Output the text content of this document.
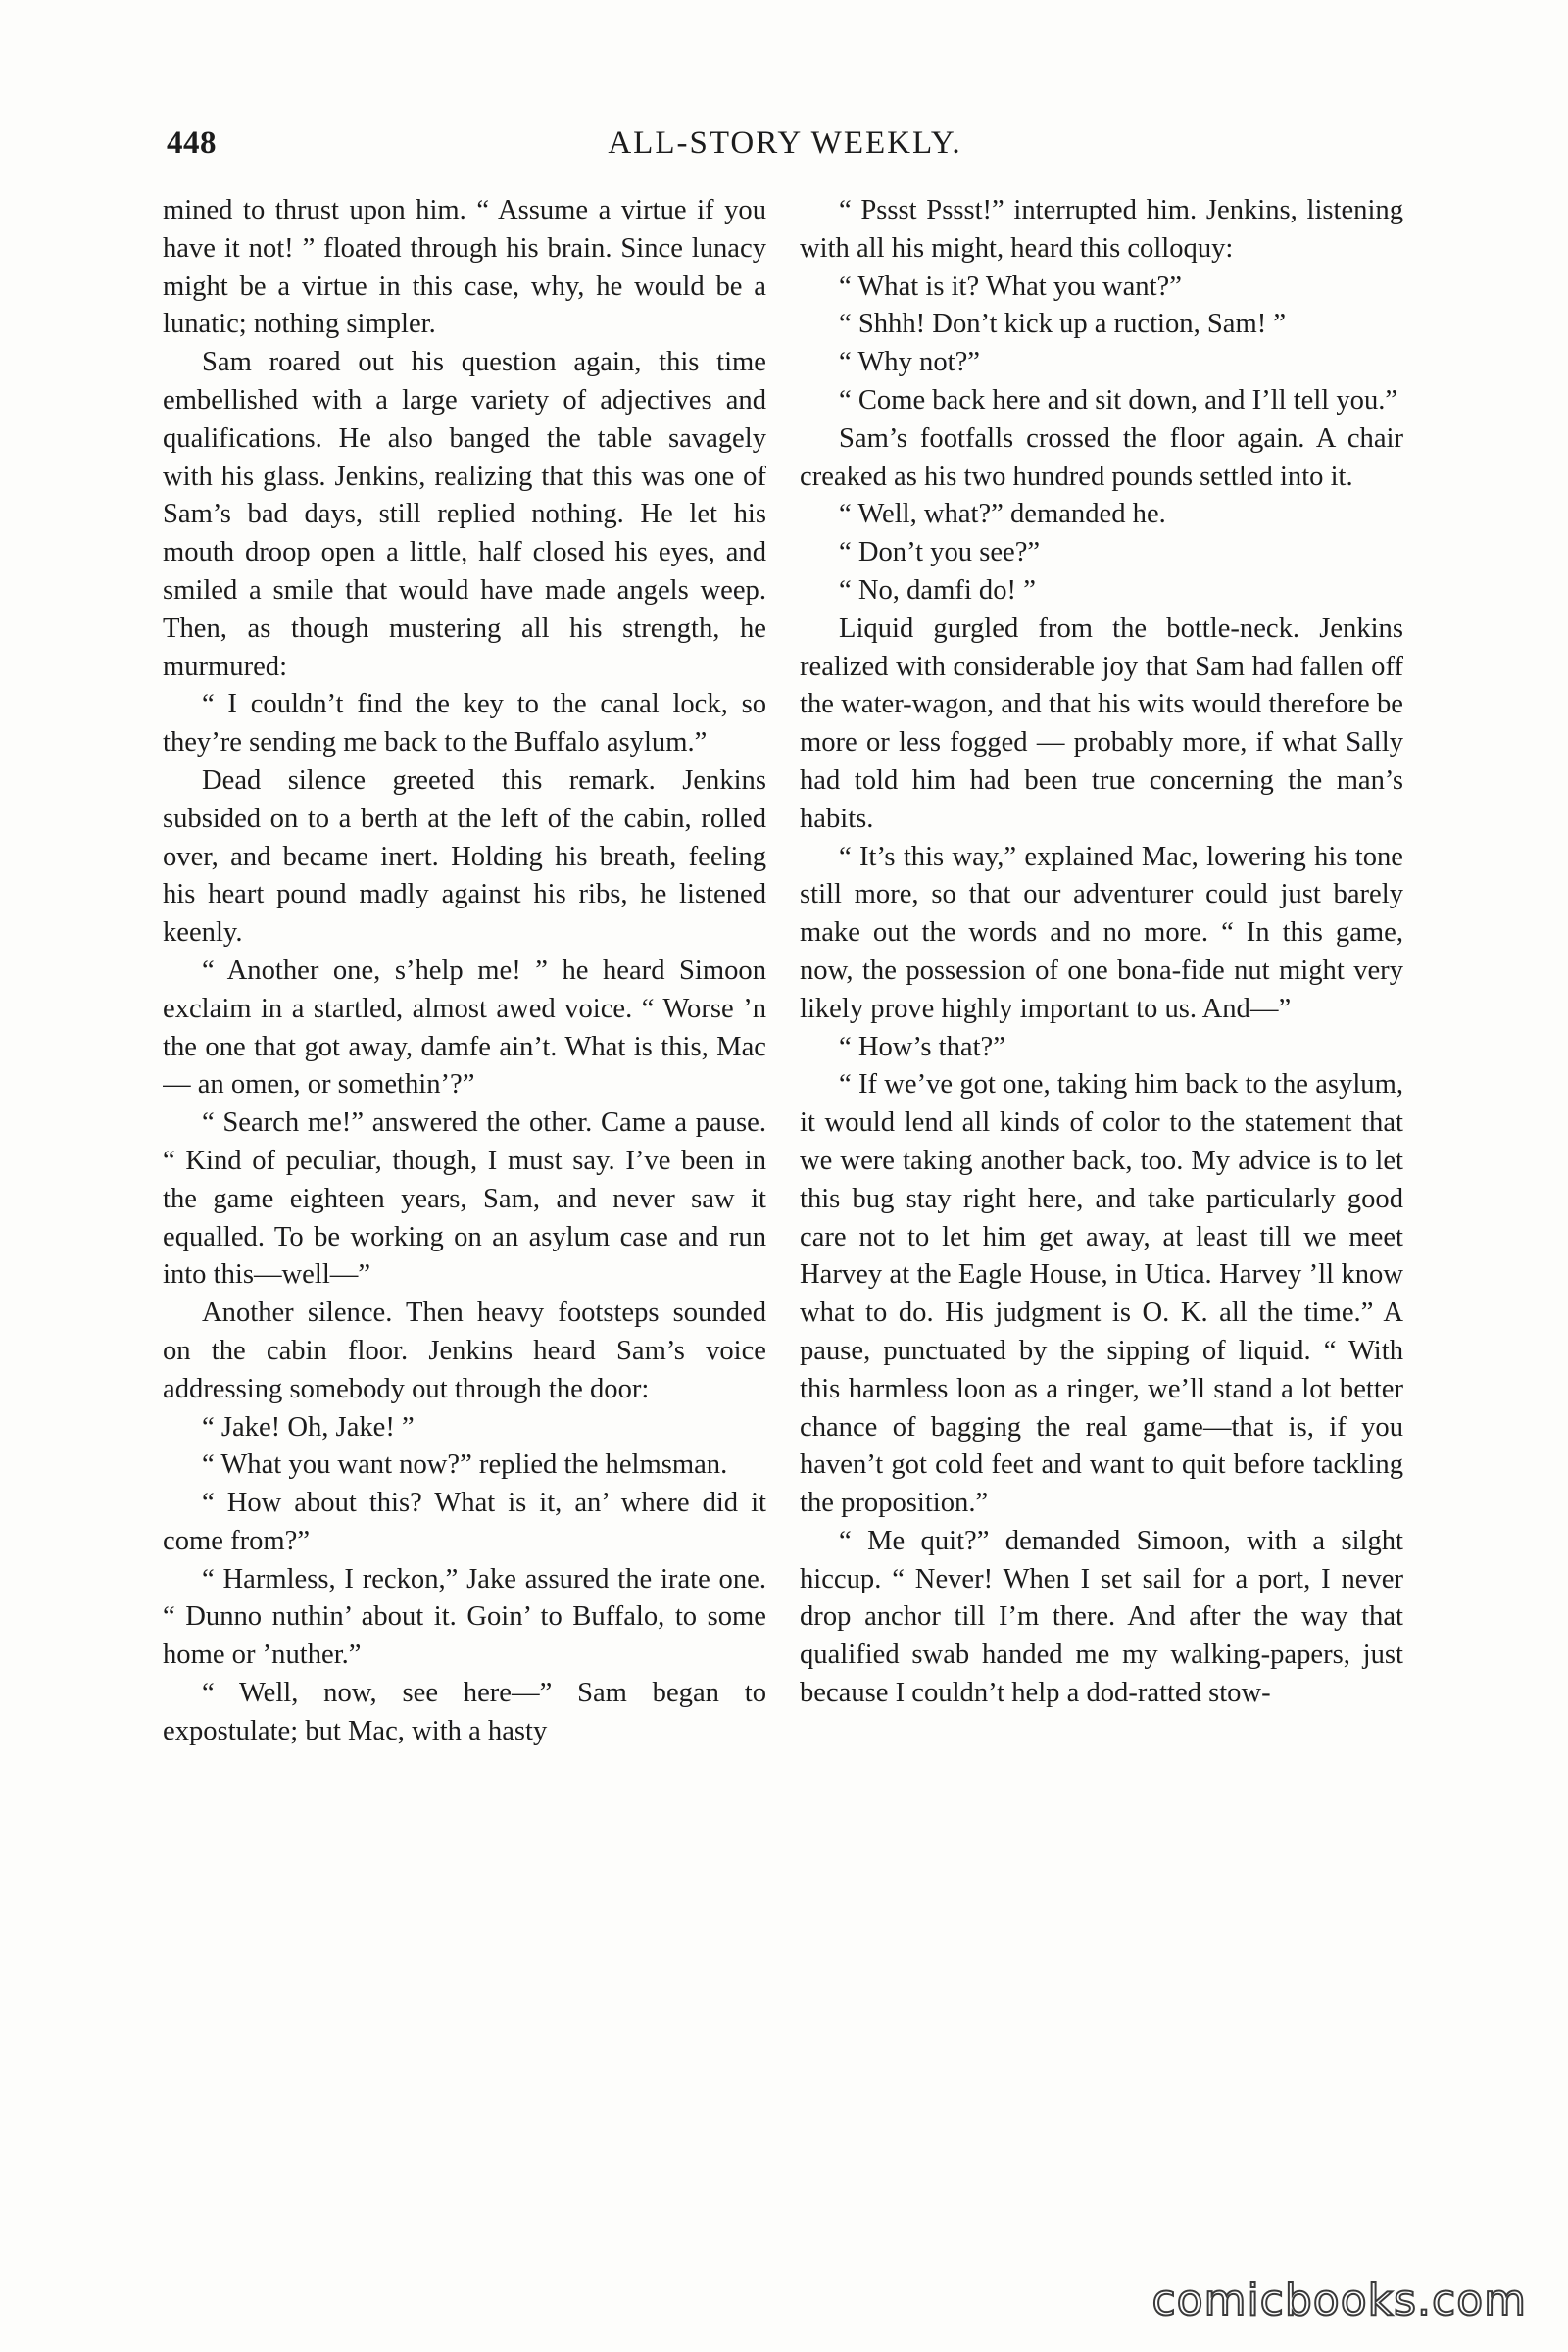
448	ALL-STORY WEEKLY.

mined to thrust upon him. “ Assume a virtue if you have it not! ” floated through his brain. Since lunacy might be a virtue in this case, why, he would be a lunatic; nothing simpler.

Sam roared out his question again, this time embellished with a large variety of adjectives and qualifications. He also banged the table savagely with his glass. Jenkins, realizing that this was one of Sam’s bad days, still replied nothing. He let his mouth droop open a little, half closed his eyes, and smiled a smile that would have made angels weep. Then, as though mustering all his strength, he murmured:

“ I couldn’t find the key to the canal lock, so they’re sending me back to the Buffalo asylum.”

Dead silence greeted this remark. Jenkins subsided on to a berth at the left of the cabin, rolled over, and became inert. Holding his breath, feeling his heart pound madly against his ribs, he listened keenly.

“ Another one, s’help me! ” he heard Simoon exclaim in a startled, almost awed voice. “ Worse ’n the one that got away, damfe ain’t. What is this, Mac — an omen, or somethin’?”

“ Search me!” answered the other. Came a pause. “ Kind of peculiar, though, I must say. I’ve been in the game eighteen years, Sam, and never saw it equalled. To be working on an asylum case and run into this—well—”

Another silence. Then heavy footsteps sounded on the cabin floor. Jenkins heard Sam’s voice addressing somebody out through the door:

“ Jake! Oh, Jake! ”

“ What you want now?” replied the helmsman.

“ How about this? What is it, an’ where did it come from?”

“ Harmless, I reckon,” Jake assured the irate one. “ Dunno nuthin’ about it. Goin’ to Buffalo, to some home or ’nuther.”

“ Well, now, see here—” Sam began to expostulate; but Mac, with a hasty

“ Pssst Pssst!” interrupted him. Jenkins, listening with all his might, heard this colloquy:

“ What is it? What you want?”

“ Shhh! Don’t kick up a ruction, Sam! ”

“ Why not?”

“ Come back here and sit down, and I’ll tell you.”

Sam’s footfalls crossed the floor again. A chair creaked as his two hundred pounds settled into it.

“ Well, what?” demanded he.

“ Don’t you see?”

“ No, damfi do! ”

Liquid gurgled from the bottle-neck. Jenkins realized with considerable joy that Sam had fallen off the water-wagon, and that his wits would therefore be more or less fogged — probably more, if what Sally had told him had been true concerning the man’s habits.

“ It’s this way,” explained Mac, lowering his tone still more, so that our adventurer could just barely make out the words and no more. “ In this game, now, the possession of one bona-fide nut might very likely prove highly important to us. And—”

“ How’s that?”

“ If we’ve got one, taking him back to the asylum, it would lend all kinds of color to the statement that we were taking another back, too. My advice is to let this bug stay right here, and take particularly good care not to let him get away, at least till we meet Harvey at the Eagle House, in Utica. Harvey ’ll know what to do. His judgment is O. K. all the time.” A pause, punctuated by the sipping of liquid. “ With this harmless loon as a ringer, we’ll stand a lot better chance of bagging the real game—that is, if you haven’t got cold feet and want to quit before tackling the proposition.”

“ Me quit?” demanded Simoon, with a silght hiccup. “ Never! When I set sail for a port, I never drop anchor till I’m there. And after the way that qualified swab handed me my walking-papers, just because I couldn’t help a dod-ratted stow-

comicbooks.com
